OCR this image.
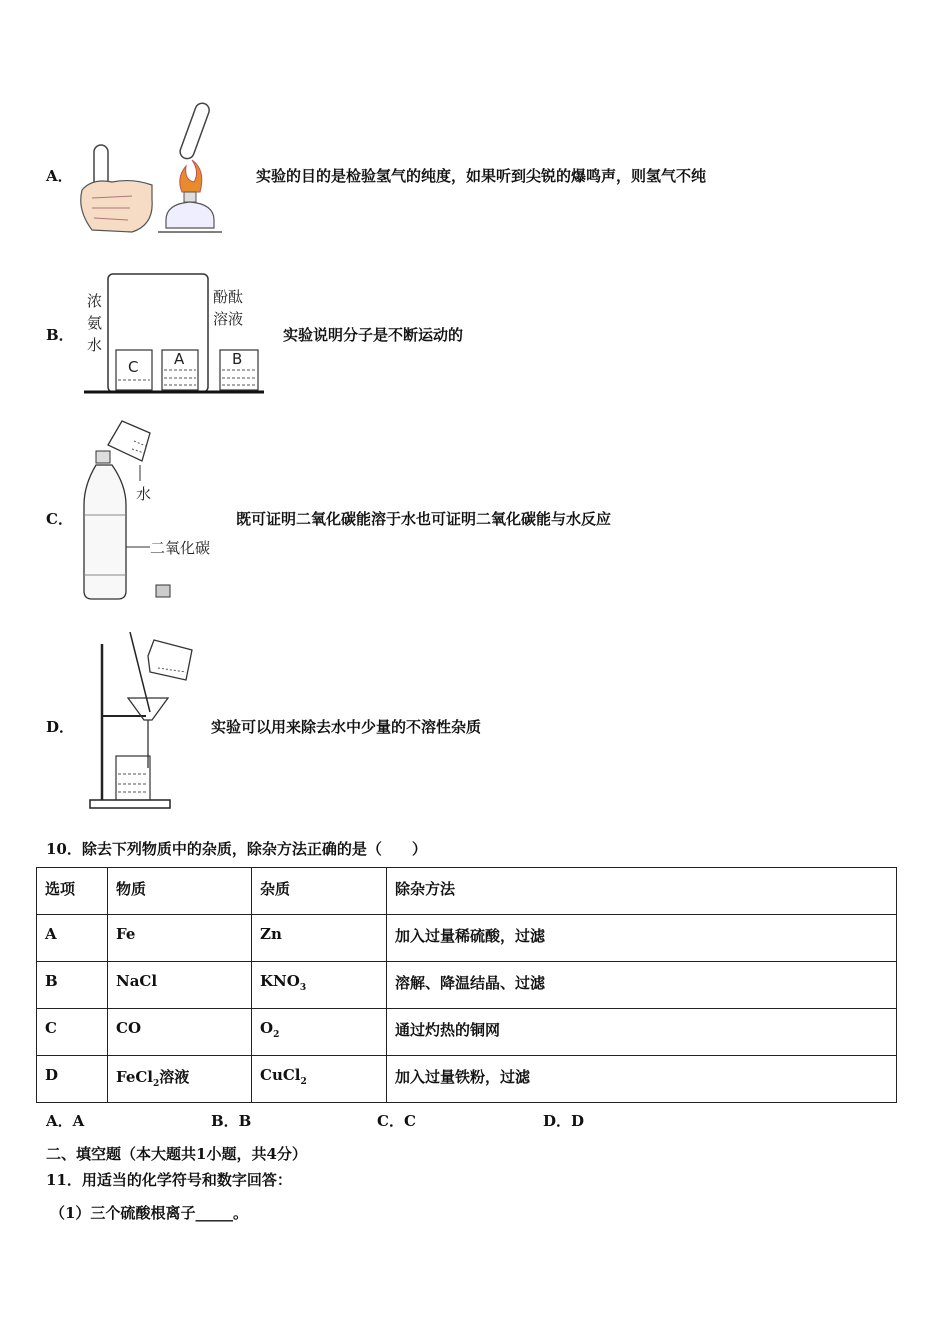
A．	实验的目的是检验氢气的纯度，如果听到尖锐的爆鸣声，则氢气不纯
B．
C A	B
浓
氨
水
酚酞
溶液
实验说明分子是不断运动的
C．
水
二氧化碳
既可证明二氧化碳能溶于水也可证明二氧化碳能与水反应
D．	实验可以用来除去水中少量的不溶性杂质
10．除去下列物质中的杂质，除杂方法正确的是（　　）
选项	物质	杂质	除杂方法
A	Fe	Zn	加入过量稀硫酸，过滤
B	NaCl	$KNO_3$	溶解、降温结晶、过滤
C	CO	$O_2$	通过灼热的铜网
D	FeCl$_2$溶液	CuCl$_2$	加入过量铁粉，过滤
A．A	B．B	C．C	D．D
二、填空题（本大题共1小题，共4分）
11．用适当的化学符号和数字回答：
（1）三个硫酸根离子_____。
